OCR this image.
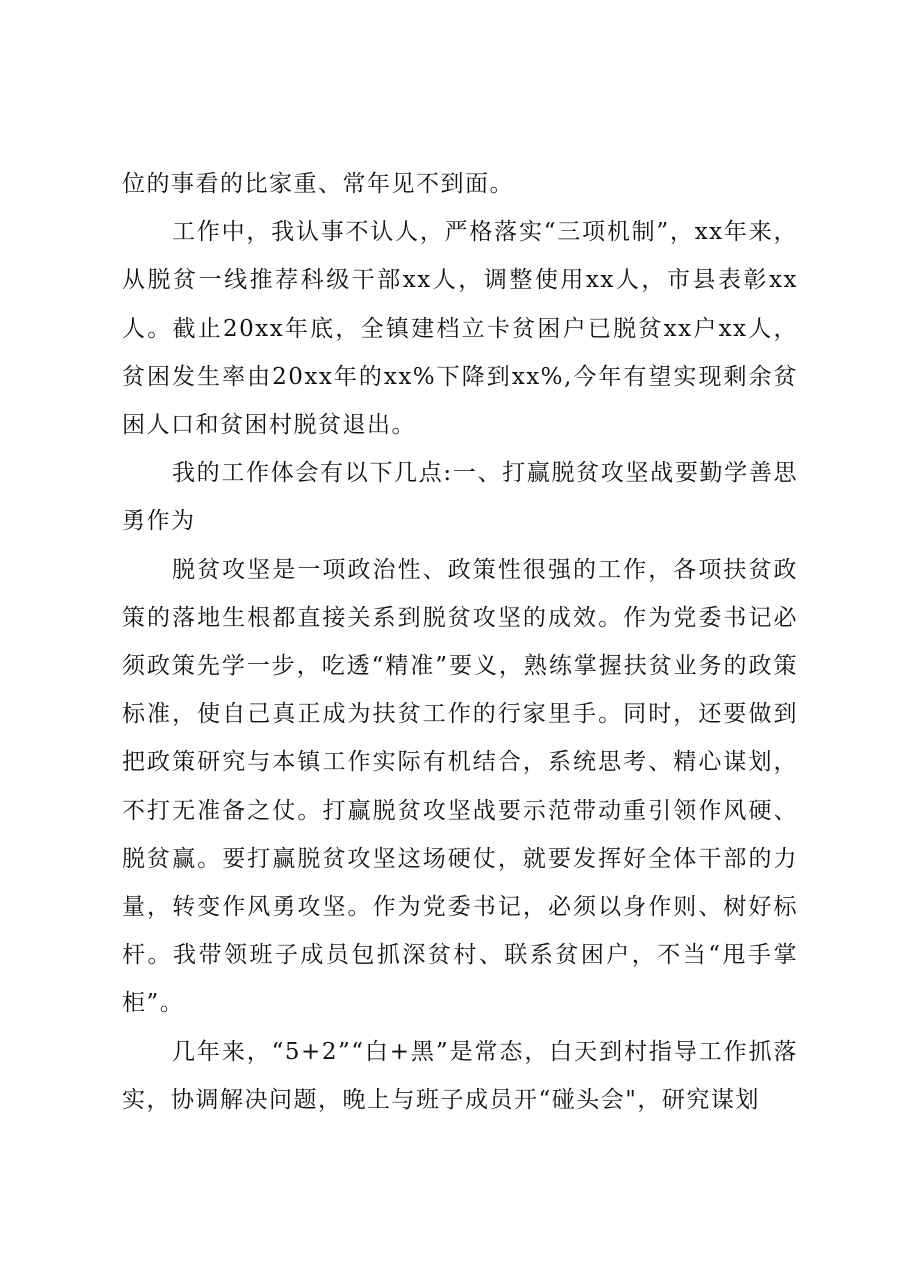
位的事看的比家重、常年见不到面。

工作中，我认事不认人，严格落实“三项机制”，xx年来，从脱贫一线推荐科级干部xx人，调整使用xx人，市县表彰xx人。截止20xx年底，全镇建档立卡贫困户已脱贫xx户xx人，贫困发生率由20xx年的xx%下降到xx%,今年有望实现剩余贫困人口和贫困村脱贫退出。

我的工作体会有以下几点:一、打赢脱贫攻坚战要勤学善思勇作为

脱贫攻坚是一项政治性、政策性很强的工作，各项扶贫政策的落地生根都直接关系到脱贫攻坚的成效。作为党委书记必须政策先学一步，吃透“精准”要义，熟练掌握扶贫业务的政策标准，使自己真正成为扶贫工作的行家里手。同时，还要做到把政策研究与本镇工作实际有机结合，系统思考、精心谋划，不打无准备之仗。打赢脱贫攻坚战要示范带动重引领作风硬、脱贫赢。要打赢脱贫攻坚这场硬仗，就要发挥好全体干部的力量，转变作风勇攻坚。作为党委书记，必须以身作则、树好标杆。我带领班子成员包抓深贫村、联系贫困户，不当“甩手掌柜”。

几年来，“5+2”“白+黑”是常态，白天到村指导工作抓落实，协调解决问题，晚上与班子成员开“碰头会"，研究谋划
